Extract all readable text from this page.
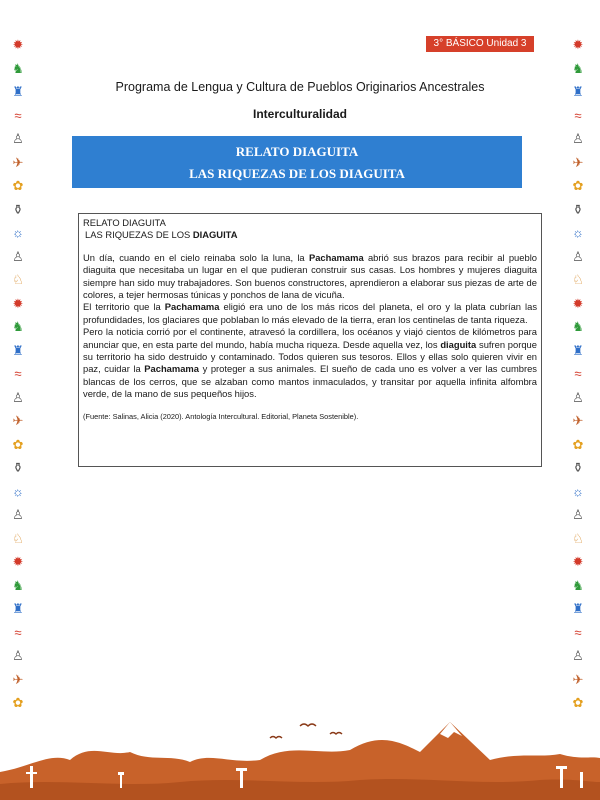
3° BÁSICO Unidad 3
✹
♞
♜
≈
♙
✈
✿
⚱
☼
♙
♘
✹
♞
♜
≈
♙
✈
✿
⚱
☼
♙
♘
✹
♞
♜
≈
♙
✈
✿
✹
♞
♜
≈
♙
✈
✿
⚱
☼
♙
♘
✹
♞
♜
≈
♙
✈
✿
⚱
☼
♙
♘
✹
♞
♜
≈
♙
✈
✿
Programa de Lengua y Cultura de Pueblos Originarios Ancestrales
Interculturalidad
RELATO DIAGUITA
LAS RIQUEZAS DE LOS DIAGUITA
RELATO DIAGUITA
LAS RIQUEZAS DE LOS DIAGUITA

Un día, cuando en el cielo reinaba solo la luna, la Pachamama abrió sus brazos para recibir al pueblo diaguita que necesitaba un lugar en el que pudieran construir sus casas. Los hombres y mujeres diaguita siempre han sido muy trabajadores. Son buenos constructores, aprendieron a elaborar sus piezas de arte de colores, a tejer hermosas túnicas y ponchos de lana de vicuña.

El territorio que la Pachamama eligió era uno de los más ricos del planeta, el oro y la plata cubrían las profundidades, los glaciares que poblaban lo más elevado de la tierra, eran los centinelas de tanta riqueza.

Pero la noticia corrió por el continente, atravesó la cordillera, los océanos y viajó cientos de kilómetros para anunciar que, en esta parte del mundo, había mucha riqueza. Desde aquella vez, los diaguita sufren porque su territorio ha sido destruido y contaminado. Todos quieren sus tesoros. Ellos y ellas solo quieren vivir en paz, cuidar la Pachamama y proteger a sus animales. El sueño de cada uno es volver a ver las cumbres blancas de los cerros, que se alzaban como mantos inmaculados, y transitar por aquella infinita alfombra verde, de la mano de sus pequeños hijos.

(Fuente: Salinas, Alicia (2020). Antología Intercultural. Editorial, Planeta Sostenible).
